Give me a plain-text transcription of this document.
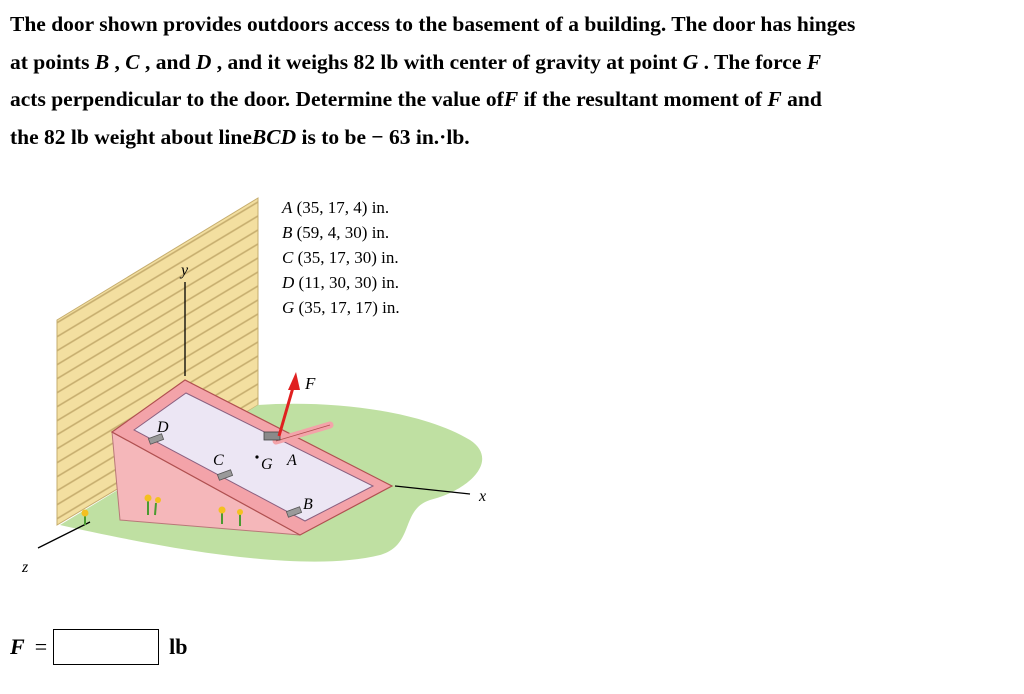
The door shown provides outdoors access to the basement of a building. The door has hinges
at points B , C , and D , and it weighs 82 lb with center of gravity at point G . The force F
acts perpendicular to the door. Determine the value ofF if the resultant moment of F and
the 82 lb weight about lineBCD is to be − 63 in.·lb.
y
x
z
F
D
C G A
B
A (35, 17, 4) in.
B (59, 4, 30) in.
C (35, 17, 30) in.
D (11, 30, 30) in.
G (35, 17, 17) in.
F =	lb
